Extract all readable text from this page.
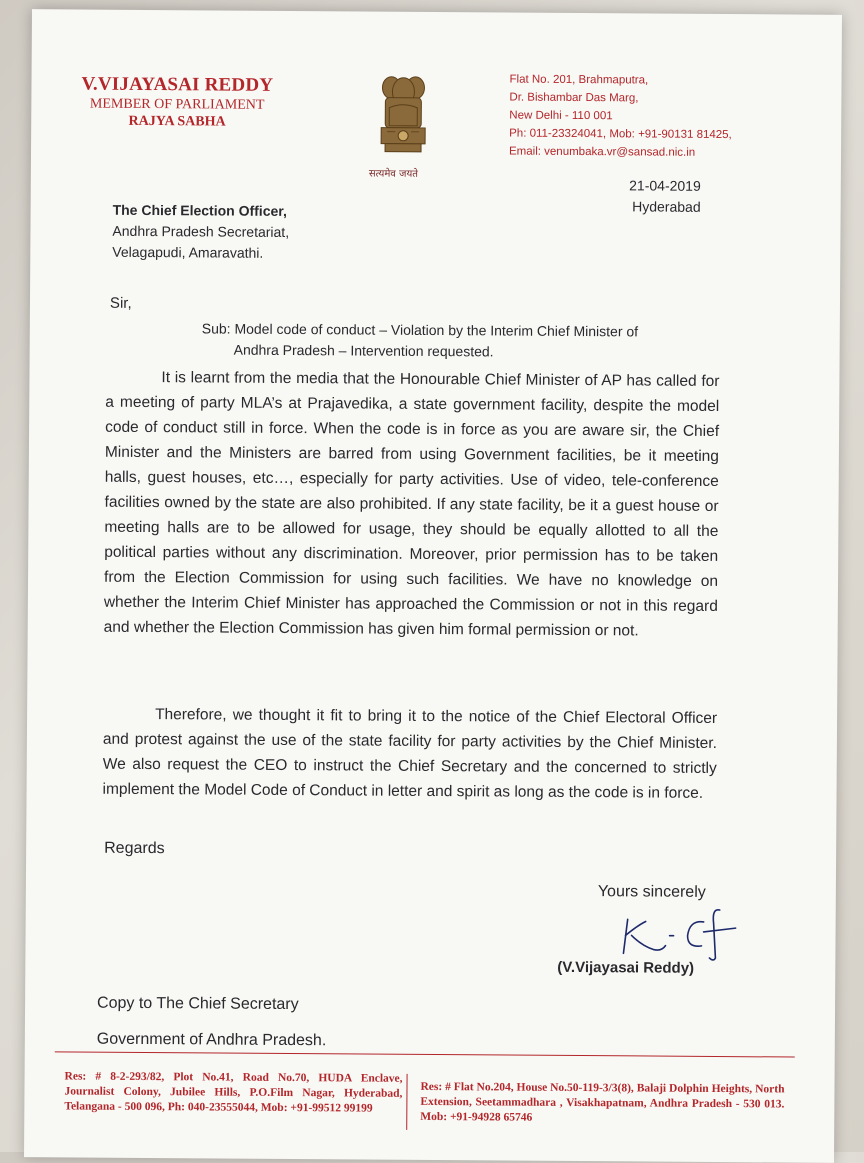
V.VIJAYASAI REDDY
MEMBER OF PARLIAMENT
RAJYA SABHA
सत्यमेव जयते
Flat No. 201, Brahmaputra,
Dr. Bishambar Das Marg,
New Delhi - 110 001
Ph: 011-23324041, Mob: +91-90131 81425,
Email: venumbaka.vr@sansad.nic.in
21-04-2019
Hyderabad
The Chief Election Officer,
Andhra Pradesh Secretariat,
Velagapudi, Amaravathi.
Sir,
Sub: Model code of conduct – Violation by the Interim Chief Minister of
Andhra Pradesh – Intervention requested.
It is learnt from the media that the Honourable Chief Minister of AP has called for a meeting of party MLA’s at Prajavedika, a state government facility, despite the model code of conduct still in force. When the code is in force as you are aware sir, the Chief Minister and the Ministers are barred from using Government facilities, be it meeting halls, guest houses, etc…, especially for party activities. Use of video, tele-conference facilities owned by the state are also prohibited. If any state facility, be it a guest house or meeting halls are to be allowed for usage, they should be equally allotted to all the political parties without any discrimination. Moreover, prior permission has to be taken from the Election Commission for using such facilities. We have no knowledge on whether the Interim Chief Minister has approached the Commission or not in this regard and whether the Election Commission has given him formal permission or not.
Therefore, we thought it fit to bring it to the notice of the Chief Electoral Officer and protest against the use of the state facility for party activities by the Chief Minister. We also request the CEO to instruct the Chief Secretary and the concerned to strictly implement the Model Code of Conduct in letter and spirit as long as the code is in force.
Regards
Yours sincerely
(V.Vijayasai Reddy)
Copy to The Chief Secretary
Government of Andhra Pradesh.
Res: # 8-2-293/82, Plot No.41, Road No.70, HUDA Enclave, Journalist Colony, Jubilee Hills, P.O.Film Nagar, Hyderabad, Telangana - 500 096, Ph: 040-23555044, Mob: +91-99512 99199
Res: # Flat No.204, House No.50-119-3/3(8), Balaji Dolphin Heights, North Extension, Seetammadhara , Visakhapatnam, Andhra Pradesh - 530 013. Mob: +91-94928 65746
